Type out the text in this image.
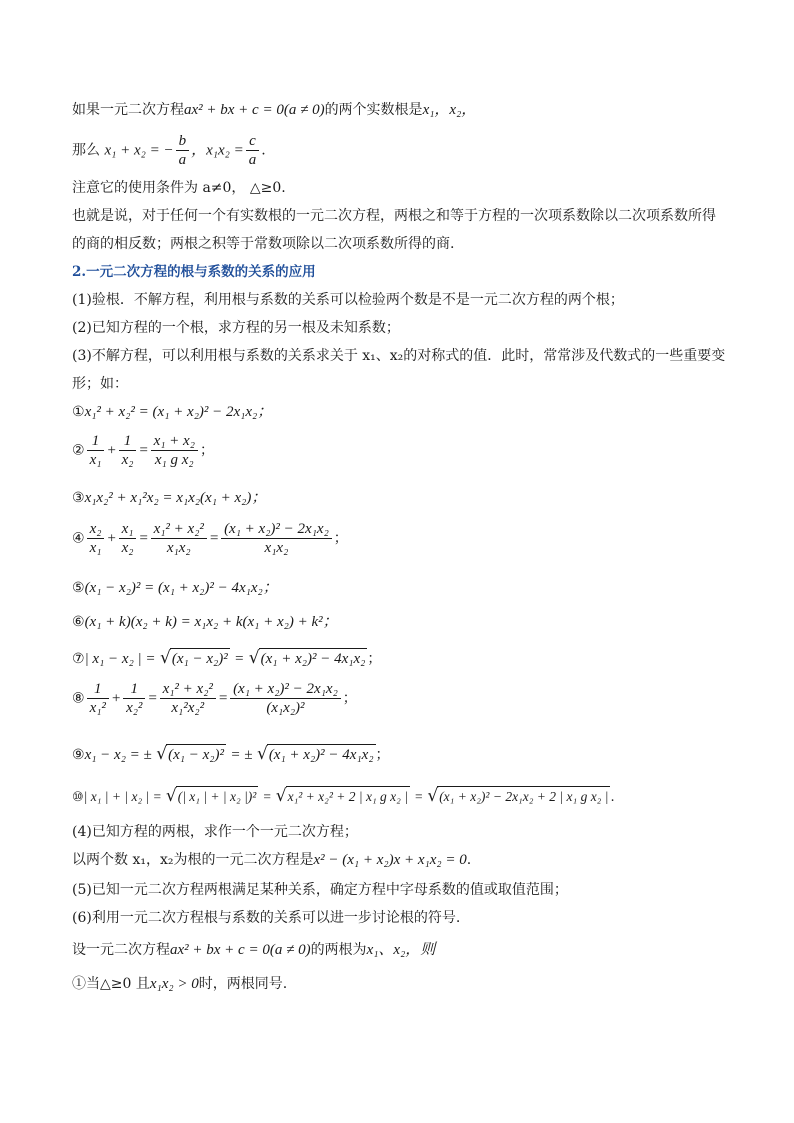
如果一元二次方程ax² + bx + c = 0(a ≠ 0)的两个实数根是x₁，x₂，
那么 x₁ + x₂ = − $\frac{b}{a}$ ，$x_1x_2 = \frac{c}{a}$ .
注意它的使用条件为 a≠0， △≥0.
也就是说，对于任何一个有实数根的一元二次方程，两根之和等于方程的一次项系数除以二次项系数所得
的商的相反数；两根之积等于常数项除以二次项系数所得的商.
2.一元二次方程的根与系数的关系的应用
(1)验根．不解方程，利用根与系数的关系可以检验两个数是不是一元二次方程的两个根；
(2)已知方程的一个根，求方程的另一根及未知系数；
(3)不解方程，可以利用根与系数的关系求关于 x₁、x₂的对称式的值．此时，常常涉及代数式的一些重要变
形；如：
①x₁² + x₂² = (x₁ + x₂)² − 2x₁x₂；
② $\frac{1}{\text{x₁}} + \frac{1}{\text{x₂}} = \frac{\text{x₁ + x₂}}{\text{x₁ g x₂}}$ ；
③x₁x₂² + x₁²x₂ = x₁x₂(x₁ + x₂)；
④ $\frac{\text{x₂}}{\text{x₁}} + \frac{\text{x₁}}{\text{x₂}} = \frac{\text{x₁² + x₂²}}{\text{x₁x₂}} = \frac{\text{(x₁ + x₂)² − 2x₁x₂}}{\text{x₁x₂}}$ ；
⑤(x₁ − x₂)² = (x₁ + x₂)² − 4x₁x₂；
⑥(x₁ + k)(x₂ + k) = x₁x₂ + k(x₁ + x₂) + k²；
⑦| x₁ − x₂ | = √(x₁ − x₂)² = √(x₁ + x₂)² − 4x₁x₂ ；
⑧ $\frac{1}{\text{x₁²}} + \frac{1}{\text{x₂²}} = \frac{\text{x₁² + x₂²}}{\text{x₁²x₂²}} = \frac{\text{(x₁ + x₂)² − 2x₁x₂}}{\text{(x₁x₂)²}}$ ；
⑨x₁ − x₂ = ± √(x₁ − x₂)² = ± √(x₁ + x₂)² − 4x₁x₂ ；
⑩| x₁ | + | x₂ | = √(| x₁ | + | x₂ |)² = √x₁² + x₂² + 2 | x₁ g x₂ | = √(x₁ + x₂)² − 2x₁x₂ + 2 | x₁ g x₂ | .
(4)已知方程的两根，求作一个一元二次方程；
以两个数 x₁，x₂为根的一元二次方程是x² − (x₁ + x₂)x + x₁x₂ = 0.
(5)已知一元二次方程两根满足某种关系，确定方程中字母系数的值或取值范围；
(6)利用一元二次方程根与系数的关系可以进一步讨论根的符号.
设一元二次方程ax² + bx + c = 0(a ≠ 0)的两根为x₁、x₂，则
①当△≥0 且x₁x₂ > 0时，两根同号.
